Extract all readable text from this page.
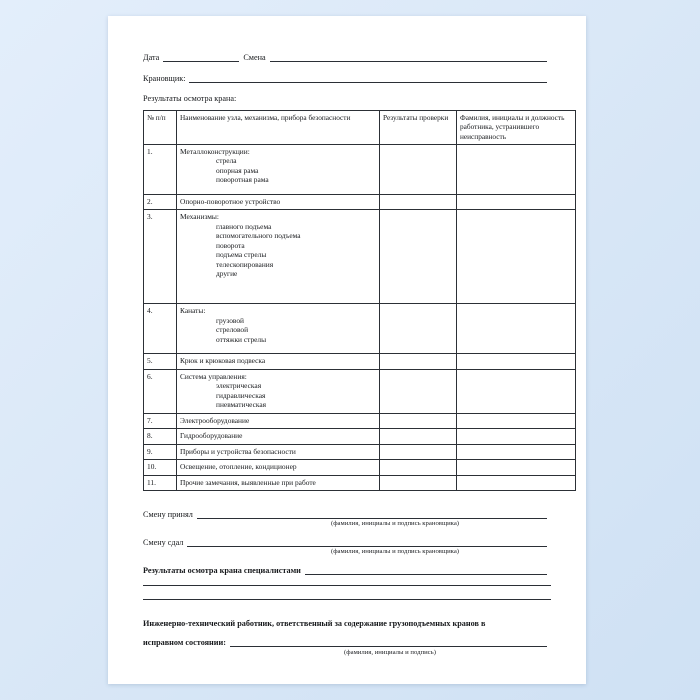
Дата	Смена
Крановщик:
Результаты осмотра крана:
№ п/п	Наименование узла, механизма, прибора безопасности	Результаты проверки	Фамилия, инициалы и должность работника, устранившего неисправность
1.	Металлоконструкции:
стрела
опорная рама
поворотная рама		

2.	Опорно-поворотное устройство		
3.	Механизмы:
главного подъема
вспомогательного подъема
поворота
подъема стрелы
телескопирования
другие

4.	Канаты:
грузовой
стреловой
оттяжки стрелы		

5.	Крюк и крюковая подвеска		
6.	Система управления:
электрическая
гидравлическая
пневматическая		

7.	Электрооборудование		
8.	Гидрооборудование		
9.	Приборы и устройства безопасности		
10.	Освещение, отопление, кондиционер		
11.	Прочие замечания, выявленные при работе		
Смену принял
(фамилия, инициалы и подпись крановщика)
Смену сдал
(фамилия, инициалы и подпись крановщика)
Результаты осмотра крана специалистами
Инженерно-технический работник, ответственный за содержание грузоподъемных кранов в
исправном состоянии:
(фамилия, инициалы и подпись)
